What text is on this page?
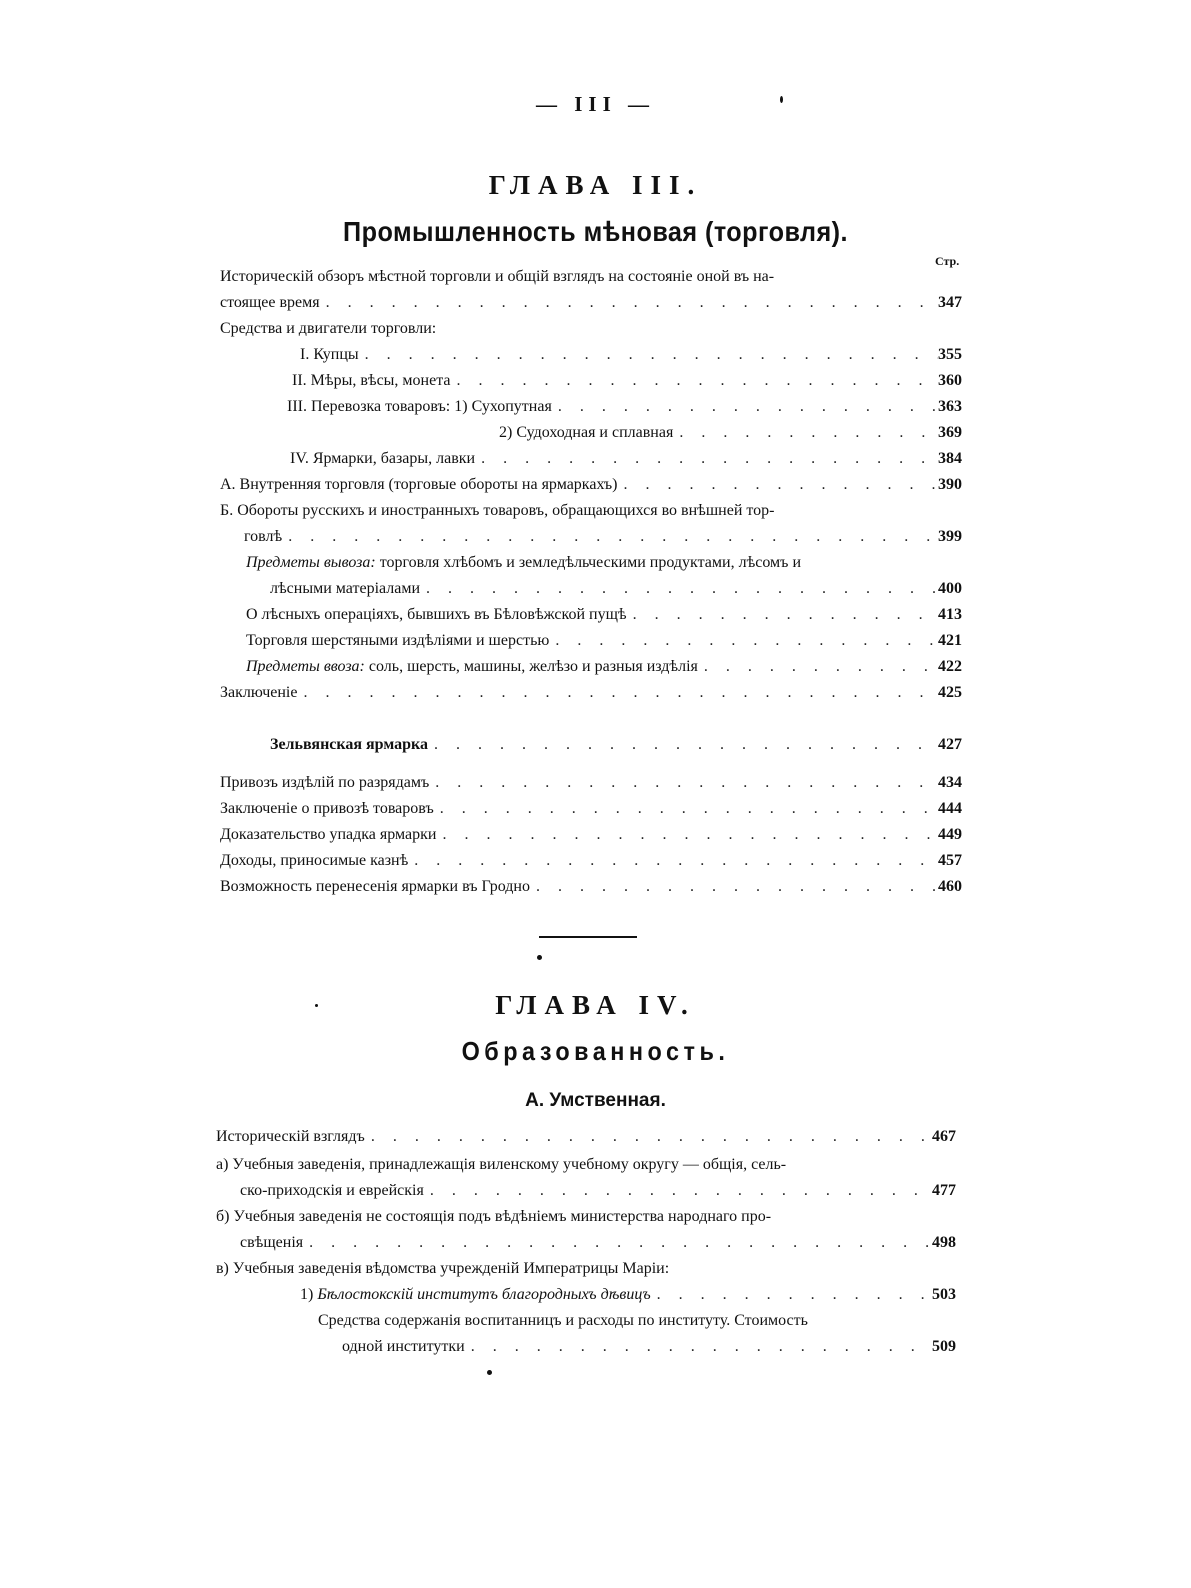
— III —
ГЛАВА III.
Промышленность мѣновая (торговля).
Стр.
Историческій обзоръ мѣстной торговли и общій взглядъ на состояніе оной въ на-
стоящее время . . .	347
Средства и двигатели торговли:
I. Купцы . . .	355
II. Мѣры, вѣсы, монета . . .	360
III. Перевозка товаровъ: 1) Сухопутная . . .	363
2) Судоходная и сплавная . . .	369
IV. Ярмарки, базары, лавки . . .	384
А. Внутренняя торговля (торговые обороты на ярмаркахъ) . . .	390
Б. Обороты русскихъ и иностранныхъ товаровъ, обращающихся во внѣшней тор-
говлѣ . . .	399
Предметы вывоза: торговля хлѣбомъ и земледѣльческими продуктами, лѣсомъ и
лѣсными матеріалами . . .	400
О лѣсныхъ операціяхъ, бывшихъ въ Бѣловѣжской пущѣ . . .	413
Торговля шерстяными издѣліями и шерстью . . .	421
Предметы ввоза: соль, шерсть, машины, желѣзо и разныя издѣлія . . .	422
Заключеніе . . .	425
Зельвянская ярмарка . . .	427
Привозъ издѣлій по разрядамъ . . .	434
Заключеніе о привозѣ товаровъ . . .	444
Доказательство упадка ярмарки . . .	449
Доходы, приносимые казнѣ . . .	457
Возможность перенесенія ярмарки въ Гродно . . .	460
ГЛАВА IV.
Образованность.
А. Умственная.
Историческій взглядъ . . .	467
а) Учебныя заведенія, принадлежащія виленскому учебному округу — общія, сель-
ско-приходскія и еврейскія . . .	477
б) Учебныя заведенія не состоящія подъ вѣдѣніемъ министерства народнаго про-
свѣщенія . . .	498
в) Учебныя заведенія вѣдомства учрежденій Императрицы Маріи:
1) Бѣлостокскій институтъ благородныхъ дѣвицъ . . .	503
Средства содержанія воспитанницъ и расходы по институту. Стоимость
одной институтки . . .	509
